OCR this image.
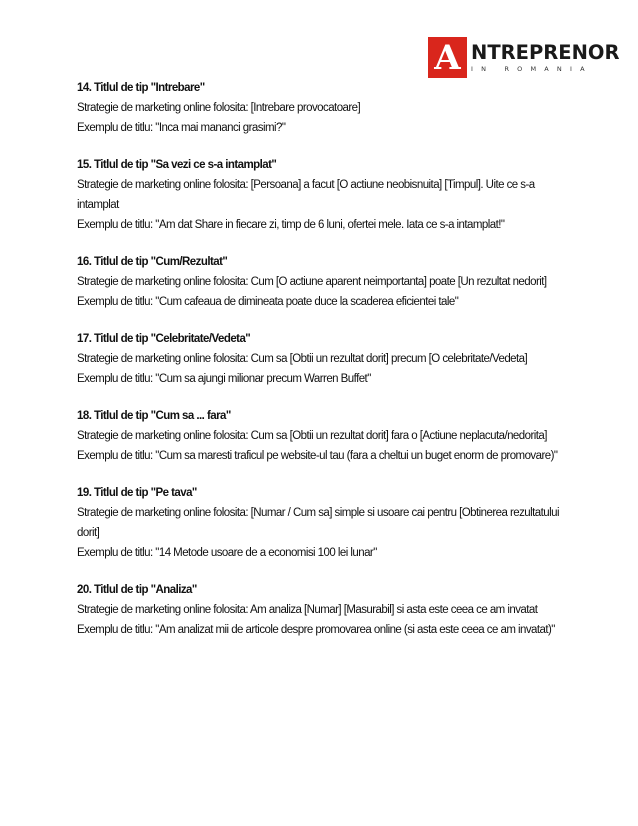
A NTREPRENOR
IN ROMANIA

14. Titlul de tip "Intrebare"

Strategie de marketing online folosita: [Intrebare provocatoare]

Exemplu de titlu: "Inca mai mananci grasimi?"

15. Titlul de tip "Sa vezi ce s-a intamplat"

Strategie de marketing online folosita: [Persoana] a facut [O actiune neobisnuita] [Timpul]. Uite ce s-a intamplat

Exemplu de titlu: "Am dat Share in fiecare zi, timp de 6 luni, ofertei mele. Iata ce s-a intamplat!"

16. Titlul de tip "Cum/Rezultat"

Strategie de marketing online folosita: Cum [O actiune aparent neimportanta] poate [Un rezultat nedorit]

Exemplu de titlu: "Cum cafeaua de dimineata poate duce la scaderea eficientei tale"

17. Titlul de tip "Celebritate/Vedeta"

Strategie de marketing online folosita: Cum sa [Obtii un rezultat dorit] precum [O celebritate/Vedeta]

Exemplu de titlu: "Cum sa ajungi milionar precum Warren Buffet"

18. Titlul de tip "Cum sa ... fara"

Strategie de marketing online folosita: Cum sa [Obtii un rezultat dorit] fara o [Actiune neplacuta/nedorita]

Exemplu de titlu: "Cum sa maresti traficul pe website-ul tau (fara a cheltui un buget enorm de promovare)"

19. Titlul de tip "Pe tava"

Strategie de marketing online folosita: [Numar / Cum sa] simple si usoare cai pentru [Obtinerea rezultatului dorit]

Exemplu de titlu: "14 Metode usoare de a economisi 100 lei lunar"

20. Titlul de tip "Analiza"

Strategie de marketing online folosita: Am analiza [Numar] [Masurabil] si asta este ceea ce am invatat

Exemplu de titlu: "Am analizat mii de articole despre promovarea online (si asta este ceea ce am invatat)"
